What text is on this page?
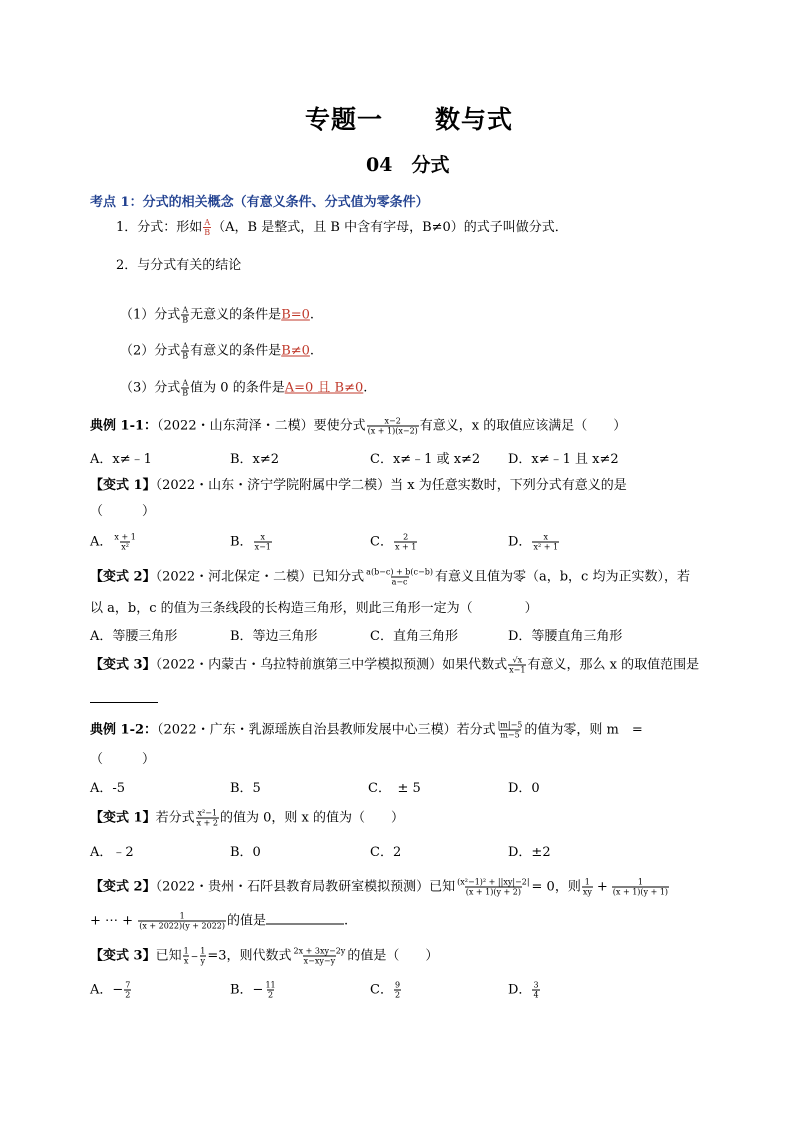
专题一　　数与式
04　分式
考点 1：分式的相关概念（有意义条件、分式值为零条件）
1．分式：形如 $\frac{A}{B} (A$，B 是整式，且 B 中含有字母，B≠0）的式子叫做分式．
2．与分式有关的结论
（1）分式 $\frac{A}{B}$ 无意义的条件是B=0.
（2）分式 $\frac{A}{B}$ 有意义的条件是B≠0.
（3）分式 $\frac{A}{B}$ 值为 0 的条件是A=0 且 B≠0.
典例 1-1：（2022・山东菏泽・二模）要使分式 $\frac{x-2}{(x + 1)(x-2)}$ 有意义，x 的取值应该满足（　　）
A．x≠﹣1	B．x≠2	C．x≠﹣1 或 x≠2 D．x≠﹣1 且 x≠2
【变式 1】（2022・山东・济宁学院附属中学二模）当 x 为任意实数时，下列分式有意义的是
（　　　）
A． $\frac{x + 1}{\text{x²}}$	B． $\frac{x}{x-1}$	C． $\frac{2}{x + 1}$	D． $\frac{x}{\text{x² + 1}}$
【变式 2】（2022・河北保定・二模）已知分式 $\frac{a(b-c) + b(c-b)}{a-c}$ 有意义且值为零（a，b，c 均为正实数），若
以 a，b，c 的值为三条线段的长构造三角形，则此三角形一定为（　　　　）
A．等腰三角形	B．等边三角形	C．直角三角形	D．等腰直角三角形
【变式 3】（2022・内蒙古・乌拉特前旗第三中学模拟预测）如果代数式 $\frac{√x}{x-1}$ 有意义，那么 x 的取值范围是
典例 1-2：（2022・广东・乳源瑶族自治县教师发展中心三模）若分式 $\frac{|m|-5}{m-5}$ 的值为零，则 m　=
（　　　）
A．-5	B．5	C．　± 5	D．0
【变式 1】若分式 $\frac{\text{x²−1}}{x + 2}$ 的值为 0，则 x 的值为（　　）
A．﹣2	B．0	C．2	D．±2
【变式 2】（2022・贵州・石阡县教育局教研室模拟预测）已知 $\frac{\text{(x²−1)² + ||xy|−2|}}{(x + 1)(y + 2)} = 0$，则 $\frac{1}{xy} + \frac{1}{(x + 1)(y + 1)}$
+ ⋯ + $\frac{1}{(x + 2022)(y + 2022)}$ 的值是	.
【变式 3】已知 $\frac{1}{x} - \frac{1}{y} =3$，则代数式 $\frac{2x + 3xy-2y}{x-xy-y}$ 的值是（　　）
A．− $\frac{7}{2}$	B．− $\frac{11}{2}$	C． $\frac{9}{2}$	D． $\frac{3}{4}$
